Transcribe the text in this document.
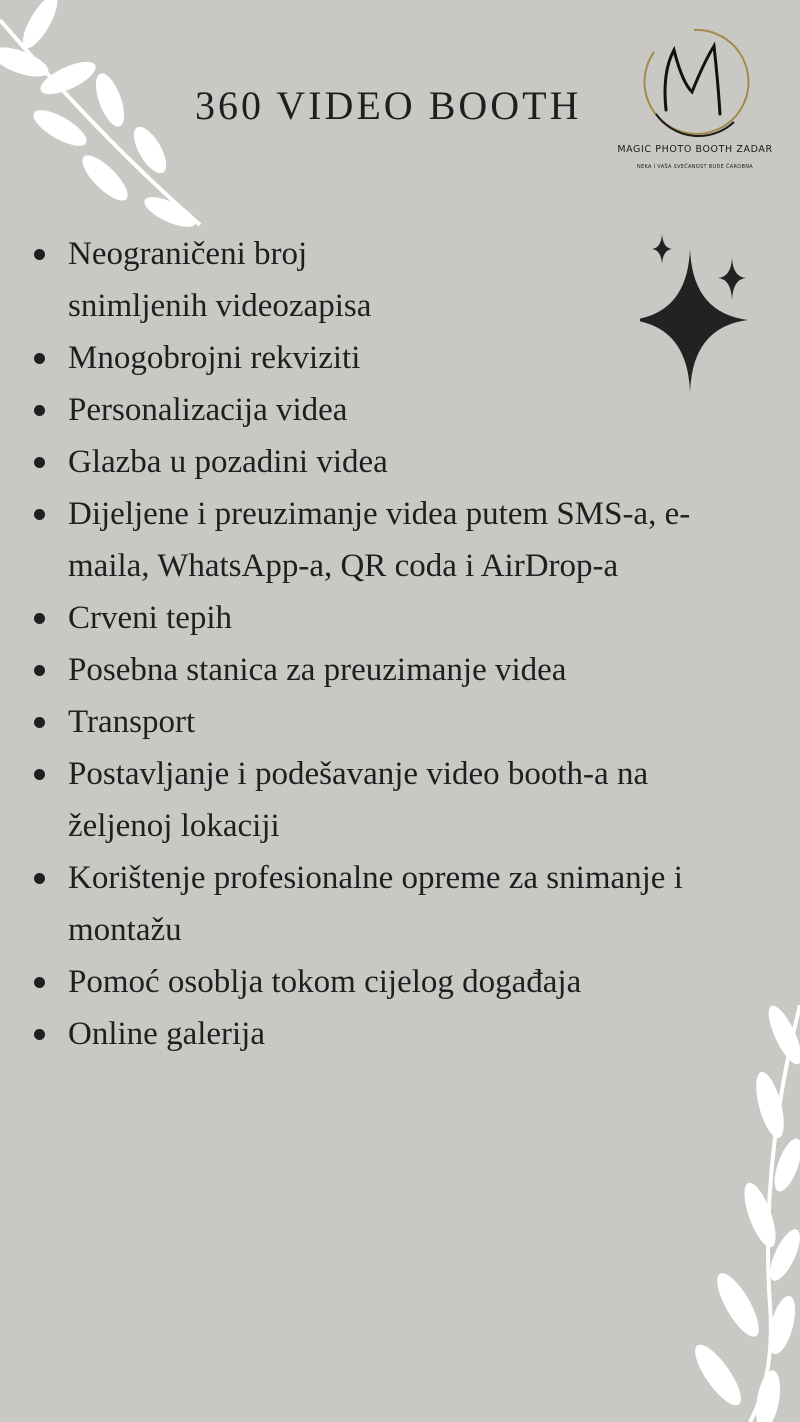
360 VIDEO BOOTH
MAGIC PHOTO BOOTH ZADAR
NEKA I VAŠA SVEČANOST BUDE ČAROBNA
Neograničeni broj snimljenih videozapisa
Mnogobrojni rekviziti
Personalizacija videa
Glazba u pozadini videa
Dijeljene i preuzimanje videa putem SMS-a, e-maila, WhatsApp-a, QR coda i AirDrop-a
Crveni tepih
Posebna stanica za preuzimanje videa
Transport
Postavljanje i podešavanje video booth-a na željenoj lokaciji
Korištenje profesionalne opreme za snimanje i montažu
Pomoć osoblja tokom cijelog događaja
Online galerija
